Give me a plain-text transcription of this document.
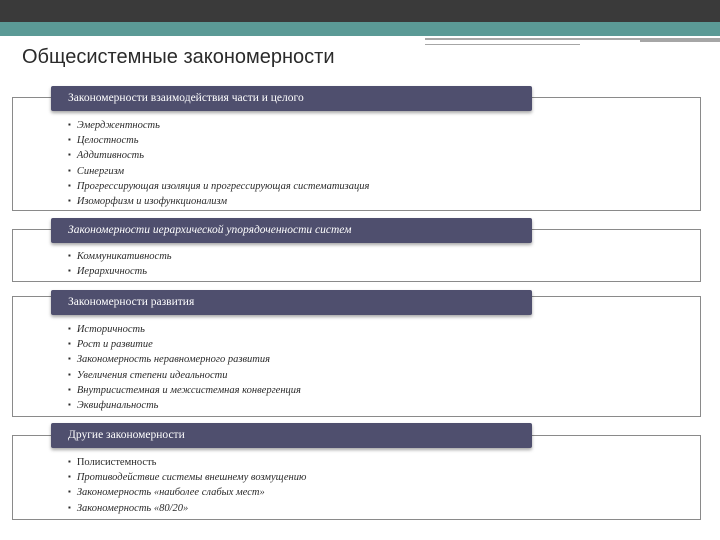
Общесистемные закономерности
Закономерности взаимодействия части и целого
▪ Эмерджентность
▪ Целостность
▪ Аддитивность
▪ Синергизм
▪ Прогрессирующая изоляция и прогрессирующая систематизация
▪ Изоморфизм и изофункционализм
Закономерности иерархической упорядоченности систем
▪ Коммуникативность
▪ Иерархичность
Закономерности развития
▪ Историчность
▪ Рост и развитие
▪ Закономерность неравномерного развития
▪ Увеличения степени идеальности
▪ Внутрисистемная и межсистемная конвергенция
▪ Эквифинальность
Другие закономерности
▪ Полисистемность
▪ Противодействие системы внешнему возмущению
▪ Закономерность «наиболее слабых мест»
▪ Закономерность «80/20»
